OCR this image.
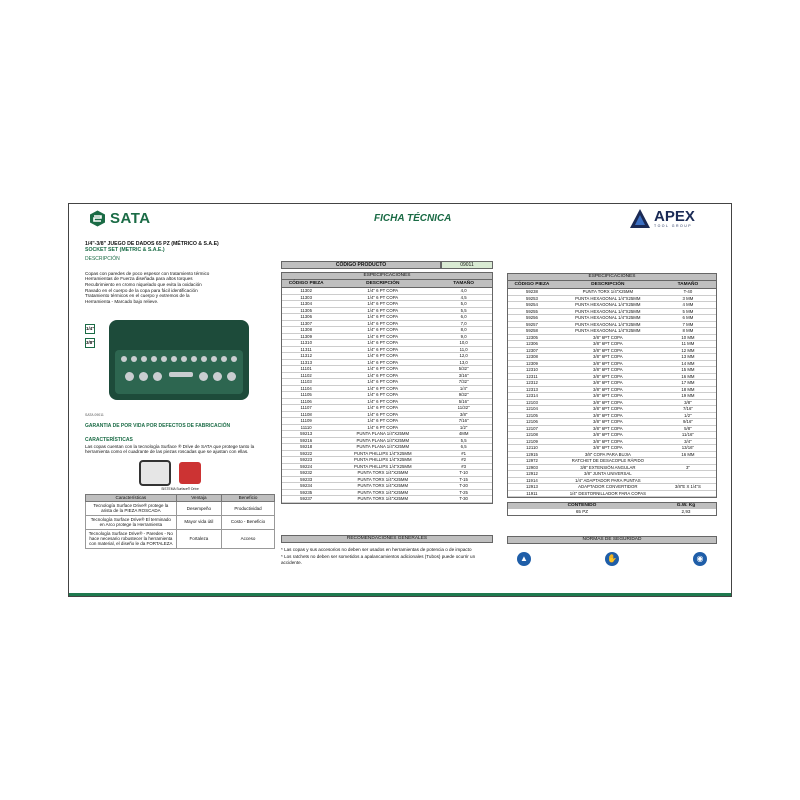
SATA	FICHA TÉCNICA	APEX
TOOL GROUP
1/4"-3/8" JUEGO DE DADOS 65 PZ (MÉTRICO & S.A.E)
SOCKET SET (METRIC & S.A.E.)
DESCRIPCIÓN
Copas con paredes de poco espesor con tratamiento térmico
Herramientas de Fuerza diseñada para altos torques
Recubrimiento en cromo niquelado que evita la oxidación
Ravado en el cuerpo de la copa para fácil identificación
Tratamiento térmicos en el cuerpo y extremos de la
Herramienta - Marcado bajo relieve.
1/4"
3/8"
SATA 09011
GARANTIA DE POR VIDA POR DEFECTOS DE FABRICACIÓN
CARACTERÍSTICAS
Las copas cuentan con la tecnología Surface ® Drive de SATA que protege tanto la herramienta como el cuadrante de las piezas roscadas que se ajustan con ellas.
SISTEMA Surface® Drive
Características	Ventaja	Beneficio
Tecnología Surface Drive® protege la arista de la PIEZA ROSCADA	Desempeño	Productividad
Tecnología Surface Drive® El terminado en Arco protege la Herramienta	Mayor vida útil	Costo - Beneficio
Tecnología Surface Drive® - Paredes - No hace necesario robustecer la herramienta con material, el diseño le da FORTALEZA	Fortaleza	Acceso
CÓDIGO PRODUCTO	09011
ESPECIFICACIONES
CÓDIGO PIEZA	DESCRIPCIÓN	TAMAÑO
11302	1/4" 6 PT COPA	4,0
11303	1/4" 6 PT COPA	4,5
11304	1/4" 6 PT COPA	5,0
11305	1/4" 6 PT COPA	5,5
11306	1/4" 6 PT COPA	6,0
11307	1/4" 6 PT COPA	7,0
11308	1/4" 6 PT COPA	8,0
11309	1/4" 6 PT COPA	9,0
11310	1/4" 6 PT COPA	10,0
11311	1/4" 6 PT COPA	11,0
11312	1/4" 6 PT COPA	12,0
11313	1/4" 6 PT COPA	13,0
11101	1/4" 6 PT COPA	5/32"
11102	1/4" 6 PT COPA	3/16"
11103	1/4" 6 PT COPA	7/32"
11104	1/4" 6 PT COPA	1/4"
11105	1/4" 6 PT COPA	9/32"
11106	1/4" 6 PT COPA	5/16"
11107	1/4" 6 PT COPA	11/32"
11108	1/4" 6 PT COPA	3/8"
11109	1/4" 6 PT COPA	7/16"
11110	1/4" 6 PT COPA	1/2"
59213	PUNTA PLANA 1/4"X25MM	4MM
59216	PUNTA PLANA 1/4"X25MM	5,5
59218	PUNTA PLANA 1/4"X25MM	6,5
59222	PUNTA PHILLIPS 1/4"X25MM	#1
59223	PUNTA PHILLIPS 1/4"X25MM	#2
59224	PUNTA PHILLIPS 1/4"X25MM	#3
59232	PUNTA TORX 1/4"X25MM	T-10
59233	PUNTA TORX 1/4"X25MM	T-15
59234	PUNTA TORX 1/4"X25MM	T-20
59235	PUNTA TORX 1/4"X25MM	T-25
59237	PUNTA TORX 1/4"X25MM	T-30
ESPECIFICACIONES
CÓDIGO PIEZA	DESCRIPCIÓN	TAMAÑO
59238	PUNTA TORX 1/4"X25MM	T-40
59253	PUNTA HEXAGONAL 1/4"X25MM	3 MM
59254	PUNTA HEXAGONAL 1/4"X25MM	4 MM
59255	PUNTA HEXAGONAL 1/4"X25MM	5 MM
59256	PUNTA HEXAGONAL 1/4"X25MM	6 MM
59257	PUNTA HEXAGONAL 1/4"X25MM	7 MM
59258	PUNTA HEXAGONAL 1/4"X25MM	8 MM
12305	3/8" 6PT COPA	10 MM
12306	3/8" 6PT COPA	11 MM
12307	3/8" 6PT COPA	12 MM
12308	3/8" 6PT COPA	13 MM
12309	3/8" 6PT COPA	14 MM
12310	3/8" 6PT COPA	15 MM
12311	3/8" 6PT COPA	16 MM
12312	3/8" 6PT COPA	17 MM
12313	3/8" 6PT COPA	18 MM
12314	3/8" 6PT COPA	19 MM
12103	3/8" 6PT COPA	3/8"
12104	3/8" 6PT COPA	7/16"
12105	3/8" 6PT COPA	1/2"
12106	3/8" 6PT COPA	9/16"
12107	3/8" 6PT COPA	5/8"
12108	3/8" 6PT COPA	11/16"
12109	3/8" 6PT COPA	3/4"
12110	3/8" 6PT COPA	13/16"
12915	3/8" COPA PARA BUJIA	16 MM
12972	RATCHET DE DESACOPLE RÁPIDO	
12903	3/8" EXTENSIÓN ANGULAR	3"
12912	3/8" JUNTA UNIVERSAL	
11914	1/4" ADAPTADOR PARA PUNTAS	
12913	ADAPTADOR CONVERTIDOR	3/8"E X 1/4"S
11911	1/4" DESTORNILLADOR PARA COPAS	
CONTENIDO	G.W. Kg
65 PZ	2,93
RECOMENDACIONES GENERALES

* Las copas y sus accesorios no deben ser usados en herramientas de potencia o de impacto

* Los ratchets no deben ser sometidos a apalancamientos adicionales (Tubos) puede ocurrir un accidente.

NORMAS DE SEGURIDAD
▲	✋	◉
